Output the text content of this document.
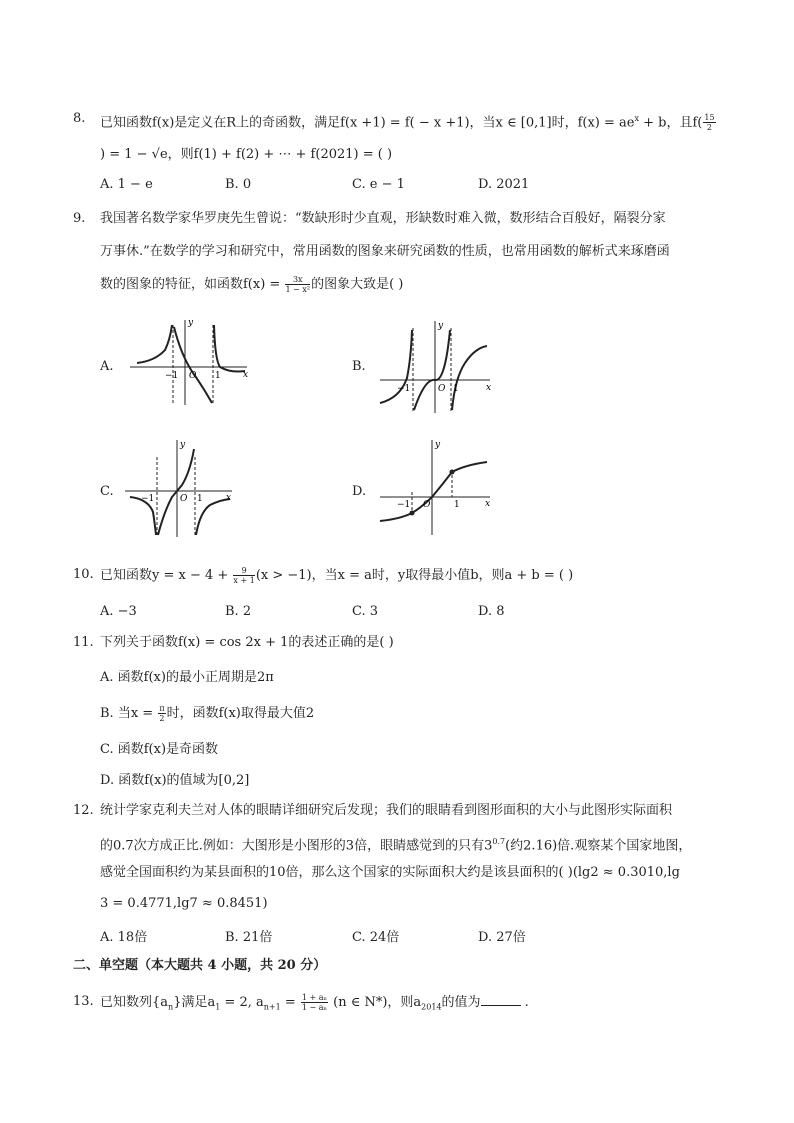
8. 已知函数f(x)是定义在R上的奇函数，满足f(x +1) = f( − x +1)，当x ∈ [0,1]时，$f(x) = ae^x + b$，且$f( \frac{15}{2}$
) = 1 − √e，则f(1) + f(2) + ⋯ + f(2021) = ( )
A. 1 − e	B. 0	C. e − 1	D. 2021
9. 我国著名数学家华罗庚先生曾说：“数缺形时少直观，形缺数时难入微，数形结合百般好，隔裂分家
万事休.”在数学的学习和研究中，常用函数的图象来研究函数的性质，也常用函数的解析式来琢磨函
数的图象的特征，如函数$f(x) = \frac{3x}{\text{1 − x²}}$ 的图象大致是( )
A.
−1 O 1 x
y
B.
−1	O 1	x
y
C.	−1	O 1	x
y
D.
−1 O	1	x
y
10. 已知函数$y = x - 4 + \frac{9}{x + 1} (x > -1)$，当x = a时，y取得最小值b，则a + b = ( )
A. −3	B. 2	C. 3	D. 8
11. 下列关于函数f(x) = cos 2x + 1的表述正确的是( )
A. 函数f(x)的最小正周期是2π
B. 当$x = \frac{\pi}{2}$ 时，函数f(x)取得最大值2
C. 函数f(x)是奇函数
D. 函数f(x)的值域为[0,2]
12. 统计学家克利夫兰对人体的眼睛详细研究后发现；我们的眼睛看到图形面积的大小与此图形实际面积
的0.7次方成正比.例如：大图形是小图形的3倍，眼睛感觉到的只有$3^{0.7}$(约2.16)倍.观察某个国家地图，
感觉全国面积约为某县面积的10倍，那么这个国家的实际面积大约是该县面积的( )(lg2 ≈ 0.3010,lg
3 = 0.4771,lg7 ≈ 0.8451)
A. 18倍	B. 21倍	C. 24倍	D. 27倍
二、单空题（本大题共 4 小题，共 20 分）
13. 已知数列$\{a_n\}$满足$a_1 = 2$, $a_{n+1} = \frac{\text{1 + aₙ}}{\text{1 − aₙ}} (n$ ∈ N*)，则$a_{2014}$的值为	.
